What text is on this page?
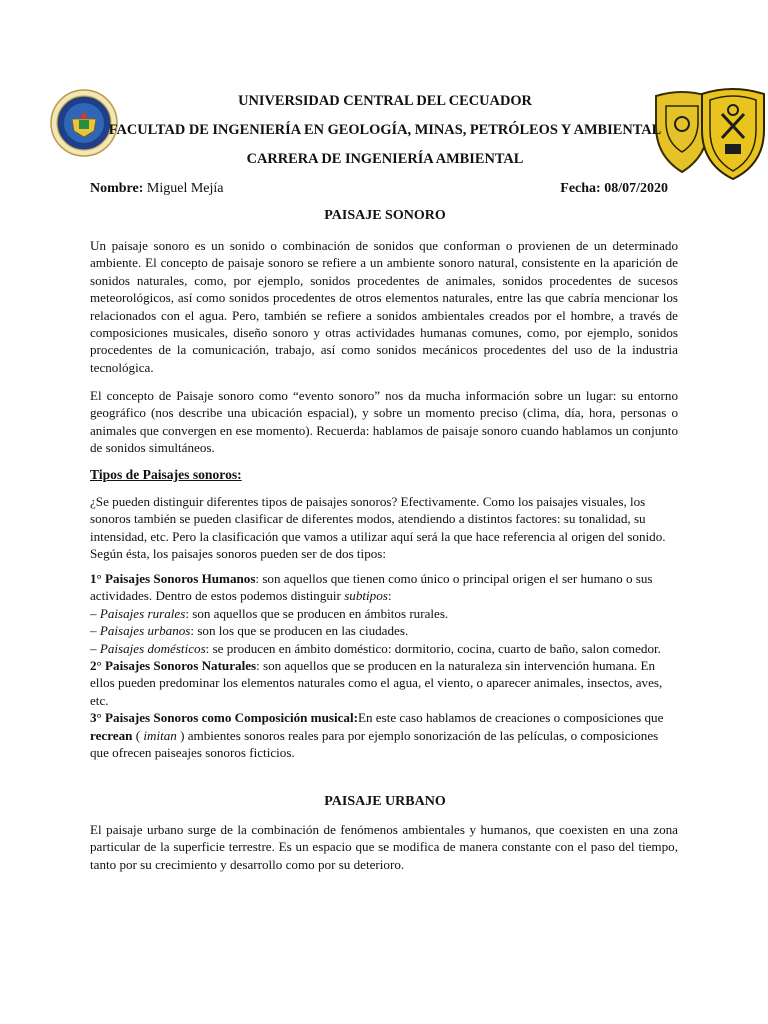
UNIVERSIDAD CENTRAL DEL CECUADOR
FACULTAD DE INGENIERÍA EN GEOLOGÍA, MINAS, PETRÓLEOS Y AMBIENTAL
CARRERA DE INGENIERÍA AMBIENTAL
Nombre: Miguel Mejía	Fecha: 08/07/2020
PAISAJE SONORO

Un paisaje sonoro es un sonido o combinación de sonidos que conforman o provienen de un determinado ambiente. El concepto de paisaje sonoro se refiere a un ambiente sonoro natural, consistente en la aparición de sonidos naturales, como, por ejemplo, sonidos procedentes de animales, sonidos procedentes de sucesos meteorológicos, así como sonidos procedentes de otros elementos naturales, entre las que cabría mencionar los relacionados con el agua. Pero, también se refiere a sonidos ambientales creados por el hombre, a través de composiciones musicales, diseño sonoro y otras actividades humanas comunes, como, por ejemplo, sonidos procedentes de la comunicación, trabajo, así como sonidos mecánicos procedentes del uso de la industria tecnológica.

El concepto de Paisaje sonoro como “evento sonoro” nos da mucha información sobre un lugar: su entorno geográfico (nos describe una ubicación espacial), y sobre un momento preciso (clima, día, hora, personas o animales que convergen en ese momento). Recuerda: hablamos de paisaje sonoro cuando hablamos un conjunto de sonidos simultáneos.

Tipos de Paisajes sonoros:

¿Se pueden distinguir diferentes tipos de paisajes sonoros? Efectivamente. Como los paisajes visuales, los sonoros también se pueden clasificar de diferentes modos, atendiendo a distintos factores: su tonalidad, su intensidad, etc. Pero la clasificación que vamos a utilizar aquí será la que hace referencia al origen del sonido. Según ésta, los paisajes sonoros pueden ser de dos tipos:

1° Paisajes Sonoros Humanos: son aquellos que tienen como único o principal origen el ser humano o sus actividades. Dentro de estos podemos distinguir subtipos:

– Paisajes rurales: son aquellos que se producen en ámbitos rurales.

– Paisajes urbanos: son los que se producen en las ciudades.

– Paisajes domésticos: se producen en ámbito doméstico: dormitorio, cocina, cuarto de baño, salon comedor.

2° Paisajes Sonoros Naturales: son aquellos que se producen en la naturaleza sin intervención humana. En ellos pueden predominar los elementos naturales como el agua, el viento, o aparecer animales, insectos, aves, etc.

3° Paisajes Sonoros como Composición musical:En este caso hablamos de creaciones o composiciones que recrean ( imitan ) ambientes sonoros reales para por ejemplo sonorización de las películas, o composiciones que ofrecen paiseajes sonoros ficticios.

PAISAJE URBANO

El paisaje urbano surge de la combinación de fenómenos ambientales y humanos, que coexisten en una zona particular de la superficie terrestre. Es un espacio que se modifica de manera constante con el paso del tiempo, tanto por su crecimiento y desarrollo como por su deterioro.
